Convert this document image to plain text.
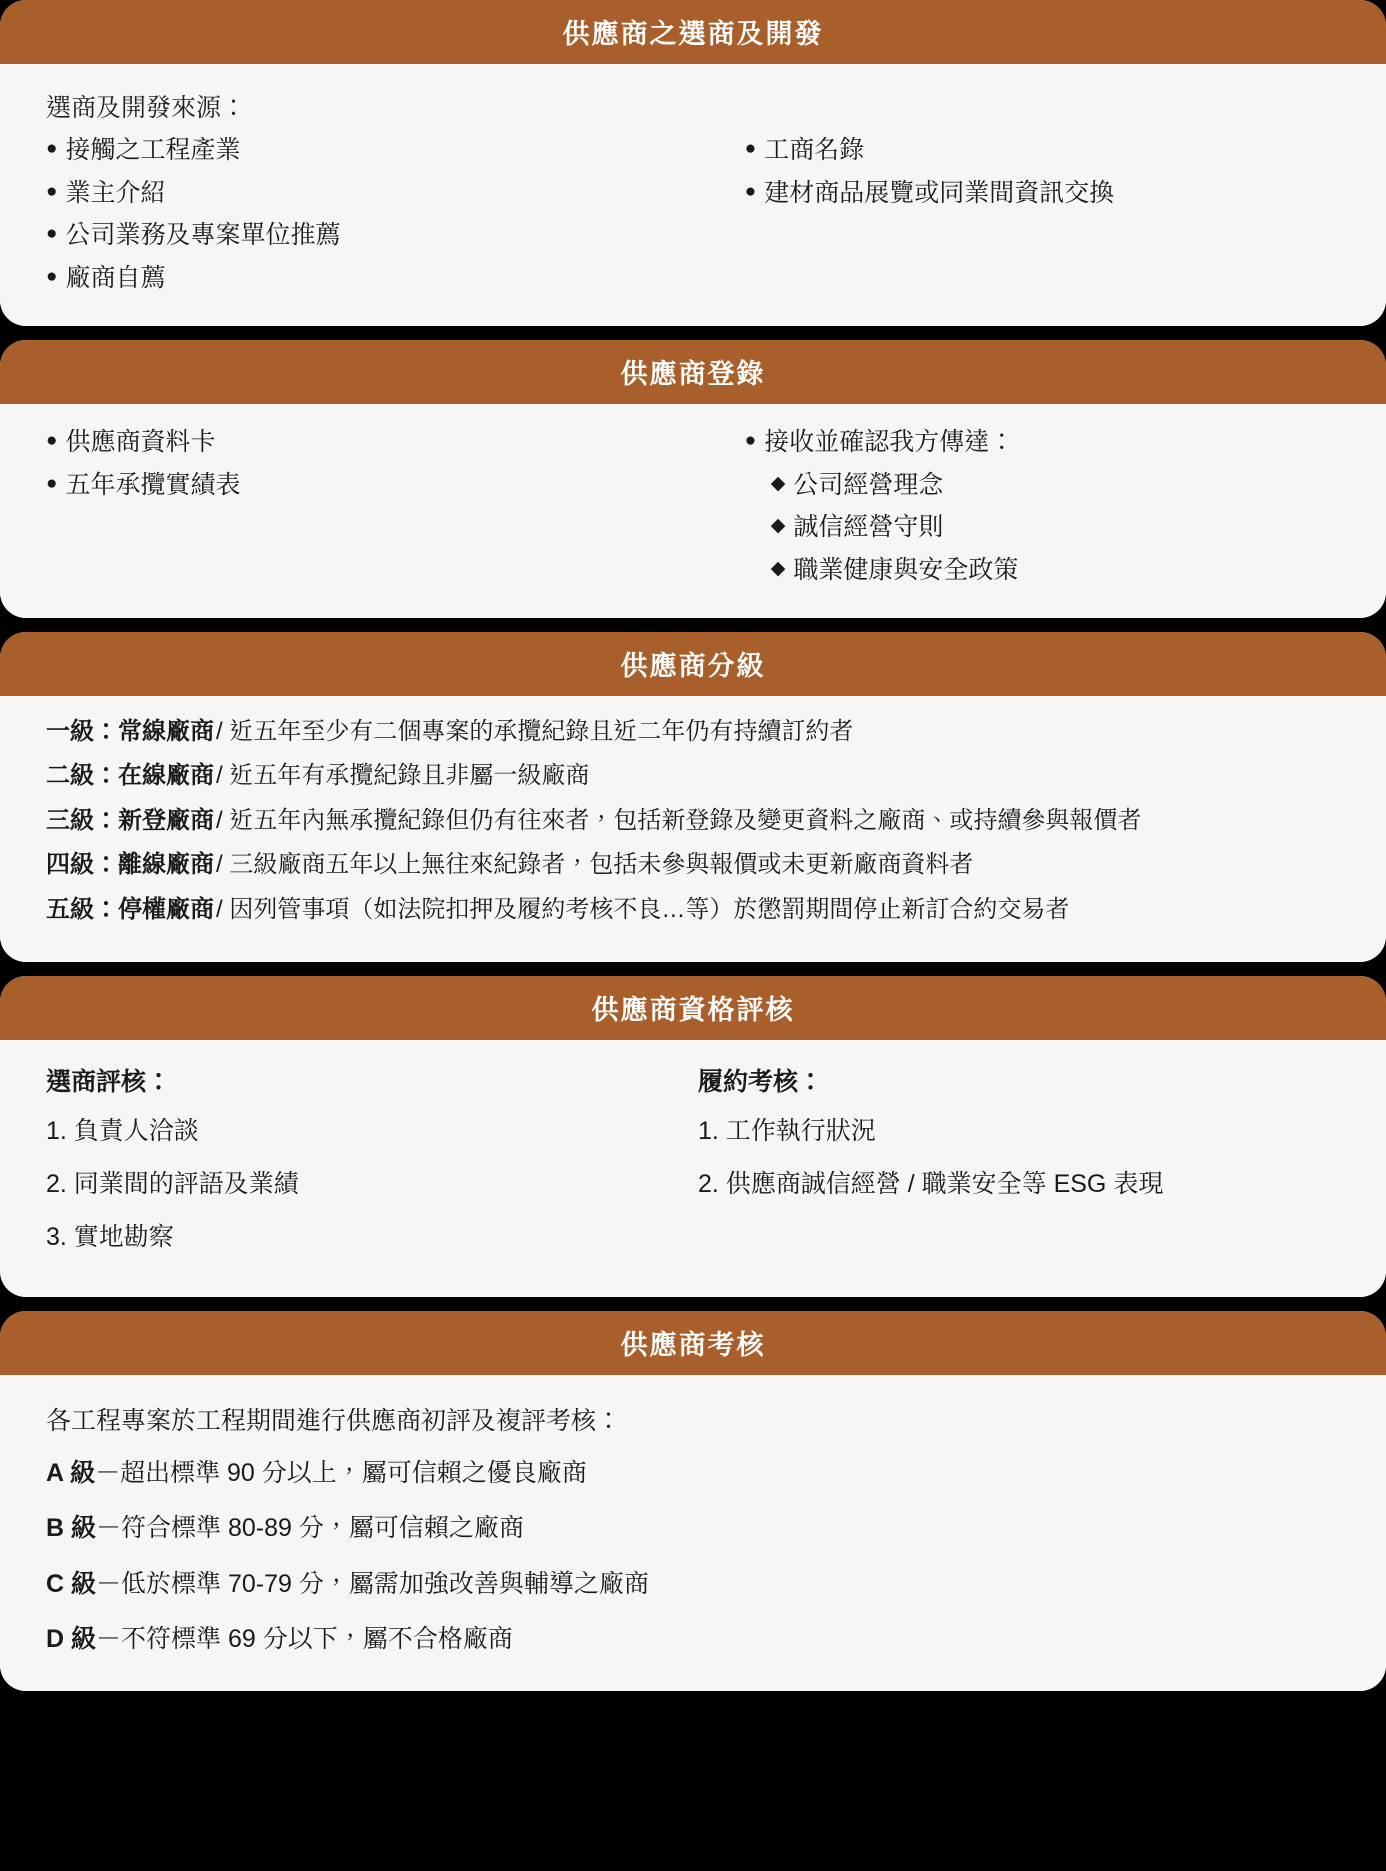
供應商之選商及開發
選商及開發來源：
● 接觸之工程產業
● 業主介紹
● 公司業務及專案單位推薦
● 廠商自薦
● 工商名錄
● 建材商品展覽或同業間資訊交換
供應商登錄
● 供應商資料卡
● 五年承攬實績表
● 接收並確認我方傳達：
◆ 公司經營理念
◆ 誠信經營守則
◆ 職業健康與安全政策
供應商分級
一級：常線廠商 / 近五年至少有二個專案的承攬紀錄且近二年仍有持續訂約者
二級：在線廠商 / 近五年有承攬紀錄且非屬一級廠商
三級：新登廠商 / 近五年內無承攬紀錄但仍有往來者，包括新登錄及變更資料之廠商、或持續參與報價者
四級：離線廠商 / 三級廠商五年以上無往來紀錄者，包括未參與報價或未更新廠商資料者
五級：停權廠商 / 因列管事項（如法院扣押及履約考核不良…等）於懲罰期間停止新訂合約交易者
供應商資格評核
選商評核：
1. 負責人洽談
2. 同業間的評語及業績
3. 實地勘察
履約考核：
1. 工作執行狀況
2. 供應商誠信經營 / 職業安全等 ESG 表現
供應商考核
各工程專案於工程期間進行供應商初評及複評考核：
A 級－超出標準 90 分以上，屬可信賴之優良廠商
B 級－符合標準 80-89 分，屬可信賴之廠商
C 級－低於標準 70-79 分，屬需加強改善與輔導之廠商
D 級－不符標準 69 分以下，屬不合格廠商
